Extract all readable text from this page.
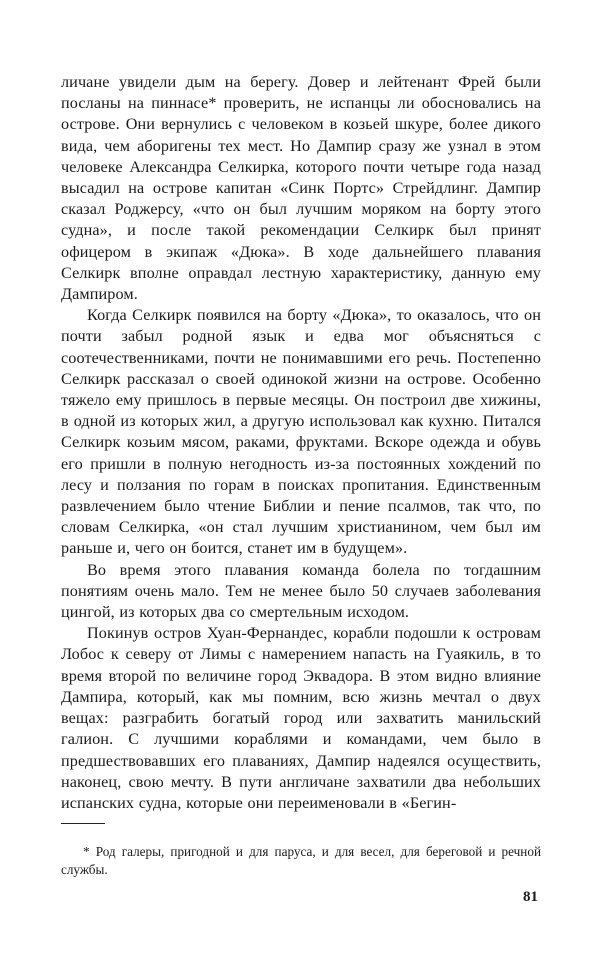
личане увидели дым на берегу. Довер и лейтенант Фрей были посланы на пиннасе* проверить, не испанцы ли обосновались на острове. Они вернулись с человеком в козьей шкуре, более дикого вида, чем аборигены тех мест. Но Дампир сразу же узнал в этом человеке Александра Селкирка, которого почти четыре года назад высадил на острове капитан «Синк Портс» Стрейдлинг. Дампир сказал Роджерсу, «что он был лучшим моряком на борту этого судна», и после такой рекомендации Селкирк был принят офицером в экипаж «Дюка». В ходе дальнейшего плавания Селкирк вполне оправдал лестную характеристику, данную ему Дампиром.

Когда Селкирк появился на борту «Дюка», то оказалось, что он почти забыл родной язык и едва мог объясняться с соотечественниками, почти не понимавшими его речь. Постепенно Селкирк рассказал о своей одинокой жизни на острове. Особенно тяжело ему пришлось в первые месяцы. Он построил две хижины, в одной из которых жил, а другую использовал как кухню. Питался Селкирк козьим мясом, раками, фруктами. Вскоре одежда и обувь его пришли в полную негодность из-за постоянных хождений по лесу и ползания по горам в поисках пропитания. Единственным развлечением было чтение Библии и пение псалмов, так что, по словам Селкирка, «он стал лучшим христианином, чем был им раньше и, чего он боится, станет им в будущем».

Во время этого плавания команда болела по тогдашним понятиям очень мало. Тем не менее было 50 случаев заболевания цингой, из которых два со смертельным исходом.

Покинув остров Хуан-Фернандес, корабли подошли к островам Лобос к северу от Лимы с намерением напасть на Гуаякиль, в то время второй по величине город Эквадора. В этом видно влияние Дампира, который, как мы помним, всю жизнь мечтал о двух вещах: разграбить богатый город или захватить манильский галион. С лучшими кораблями и командами, чем было в предшествовавших его плаваниях, Дампир надеялся осуществить, наконец, свою мечту. В пути англичане захватили два небольших испанских судна, которые они переименовали в «Бегин-

* Род галеры, пригодной и для паруса, и для весел, для береговой и речной службы.

81
